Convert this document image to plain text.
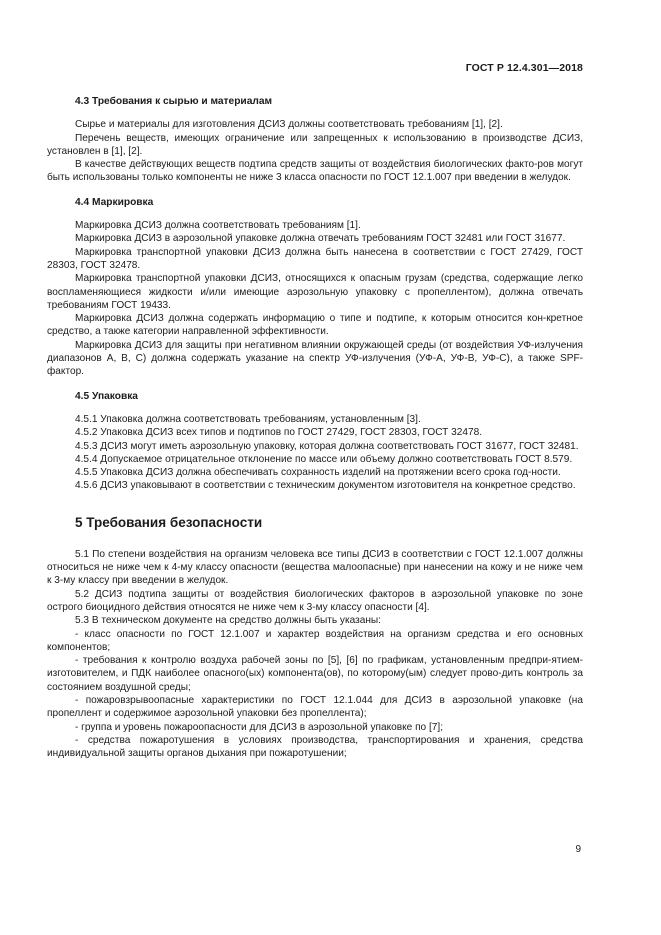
ГОСТ Р 12.4.301—2018
4.3 Требования к сырью и материалам

Сырье и материалы для изготовления ДСИЗ должны соответствовать требованиям [1], [2].

Перечень веществ, имеющих ограничение или запрещенных к использованию в производстве ДСИЗ, установлен в [1], [2].

В качестве действующих веществ подтипа средств защиты от воздействия биологических факто-ров могут быть использованы только компоненты не ниже 3 класса опасности по ГОСТ 12.1.007 при введении в желудок.

4.4 Маркировка

Маркировка ДСИЗ должна соответствовать требованиям [1].

Маркировка ДСИЗ в аэрозольной упаковке должна отвечать требованиям ГОСТ 32481 или ГОСТ 31677.

Маркировка транспортной упаковки ДСИЗ должна быть нанесена в соответствии с ГОСТ 27429, ГОСТ 28303, ГОСТ 32478.

Маркировка транспортной упаковки ДСИЗ, относящихся к опасным грузам (средства, содержащие легко воспламеняющиеся жидкости и/или имеющие аэрозольную упаковку с пропеллентом), должна отвечать требованиям ГОСТ 19433.

Маркировка ДСИЗ должна содержать информацию о типе и подтипе, к которым относится кон-кретное средство, а также категории направленной эффективности.

Маркировка ДСИЗ для защиты при негативном влиянии окружающей среды (от воздействия УФ-излучения диапазонов А, В, С) должна содержать указание на спектр УФ-излучения (УФ-А, УФ-В, УФ-С), а также SPF-фактор.

4.5 Упаковка

4.5.1 Упаковка должна соответствовать требованиям, установленным [3].

4.5.2 Упаковка ДСИЗ всех типов и подтипов по ГОСТ 27429, ГОСТ 28303, ГОСТ 32478.

4.5.3 ДСИЗ могут иметь аэрозольную упаковку, которая должна соответствовать ГОСТ 31677, ГОСТ 32481.

4.5.4 Допускаемое отрицательное отклонение по массе или объему должно соответствовать ГОСТ 8.579.

4.5.5 Упаковка ДСИЗ должна обеспечивать сохранность изделий на протяжении всего срока год-ности.

4.5.6 ДСИЗ упаковывают в соответствии с техническим документом изготовителя на конкретное средство.

5 Требования безопасности

5.1 По степени воздействия на организм человека все типы ДСИЗ в соответствии с ГОСТ 12.1.007 должны относиться не ниже чем к 4-му классу опасности (вещества малоопасные) при нанесении на кожу и не ниже чем к 3-му классу при введении в желудок.

5.2 ДСИЗ подтипа защиты от воздействия биологических факторов в аэрозольной упаковке по зоне острого биоцидного действия относятся не ниже чем к 3-му классу опасности [4].

5.3 В техническом документе на средство должны быть указаны:

- класс опасности по ГОСТ 12.1.007 и характер воздействия на организм средства и его основных компонентов;

- требования к контролю воздуха рабочей зоны по [5], [6] по графикам, установленным предпри-ятием-изготовителем, и ПДК наиболее опасного(ых) компонента(ов), по которому(ым) следует прово-дить контроль за состоянием воздушной среды;

- пожаровзрывоопасные характеристики по ГОСТ 12.1.044 для ДСИЗ в аэрозольной упаковке (на пропеллент и содержимое аэрозольной упаковки без пропеллента);

- группа и уровень пожароопасности для ДСИЗ в аэрозольной упаковке по [7];

- средства пожаротушения в условиях производства, транспортирования и хранения, средства индивидуальной защиты органов дыхания при пожаротушении;

9
